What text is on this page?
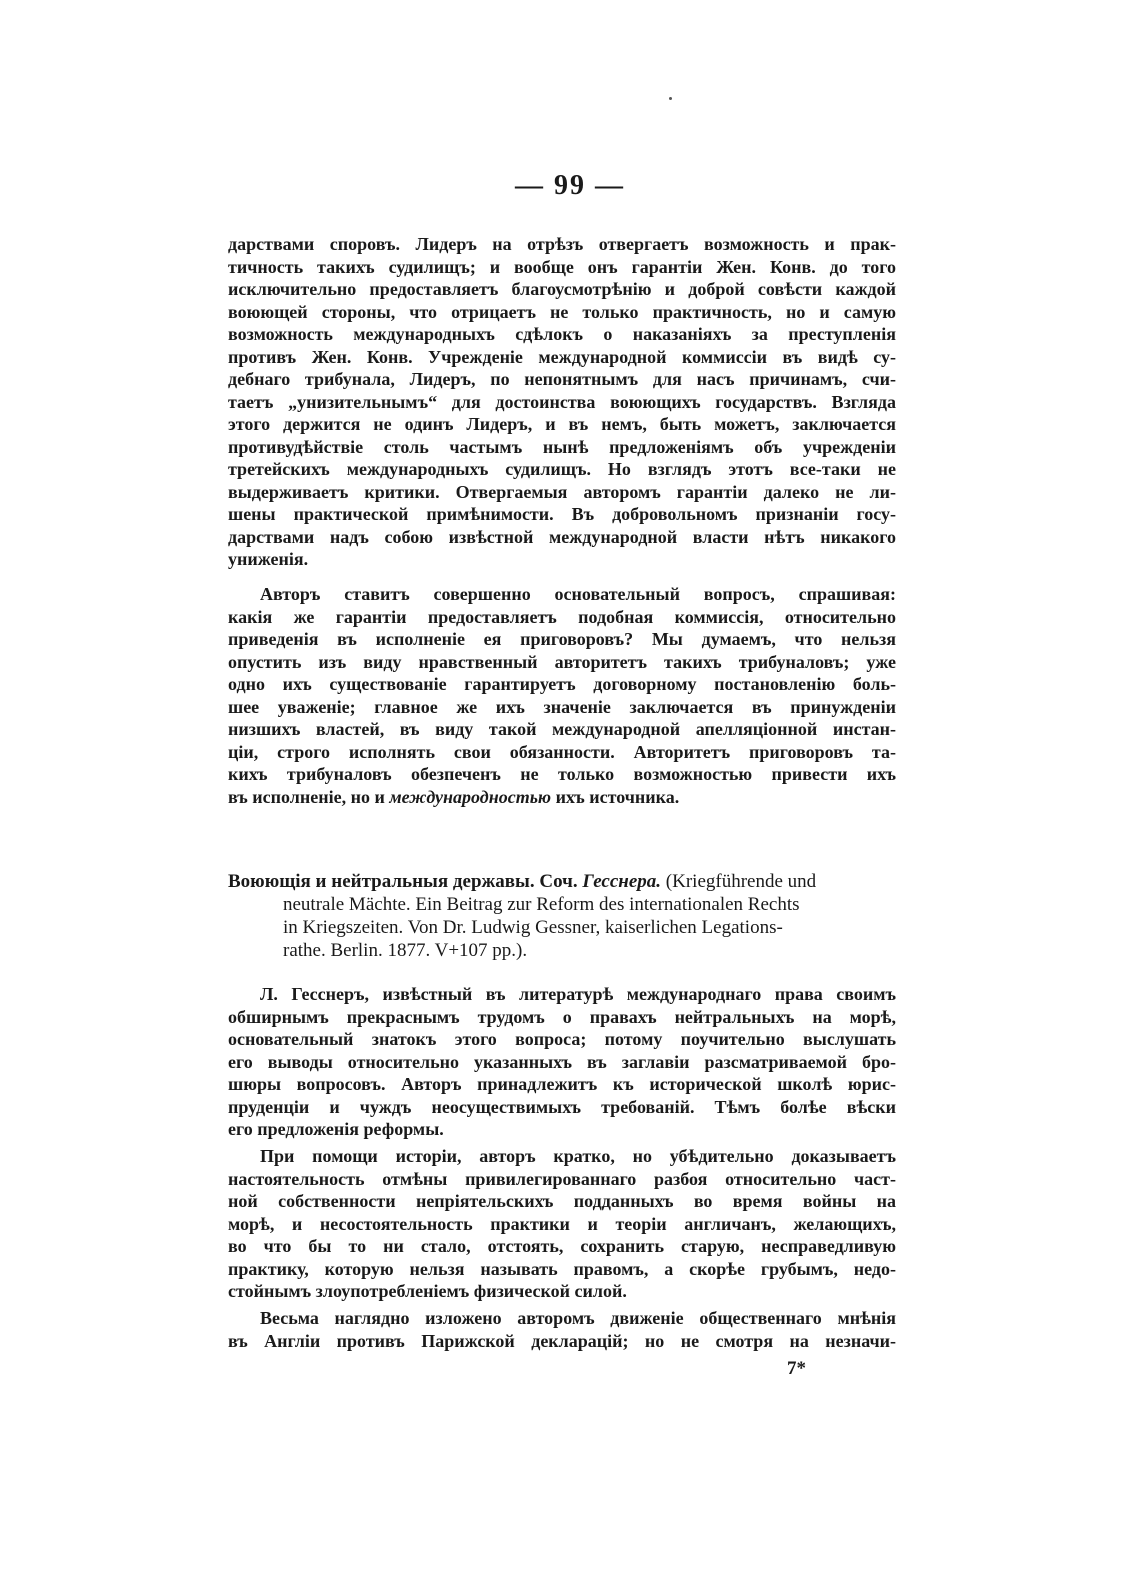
— 99 —
дарствами споровъ. Лидеръ на отрѣзъ отвергаетъ возможность и прак-
тичность такихъ судилищъ; и вообще онъ гарантіи Жен. Конв. до того
исключительно предоставляетъ благоусмотрѣнію и доброй совѣсти каждой
воюющей стороны, что отрицаетъ не только практичность, но и самую
возможность международныхъ сдѣлокъ о наказаніяхъ за преступленія
противъ Жен. Конв. Учрежденіе международной коммиссіи въ видѣ су-
дебнаго трибунала, Лидеръ, по непонятнымъ для насъ причинамъ, счи-
таетъ „унизительнымъ“ для достоинства воюющихъ государствъ. Взгляда
этого держится не одинъ Лидеръ, и въ немъ, быть можетъ, заключается
противудѣйствіе столь частымъ нынѣ предложеніямъ объ учрежденіи
третейскихъ международныхъ судилищъ. Но взглядъ этотъ все-таки не
выдерживаетъ критики. Отвергаемыя авторомъ гарантіи далеко не ли-
шены практической примѣнимости. Въ добровольномъ признаніи госу-
дарствами надъ собою извѣстной международной власти нѣтъ никакого
униженія.
Авторъ ставитъ совершенно основательный вопросъ, спрашивая:
какія же гарантіи предоставляетъ подобная коммиссія, относительно
приведенія въ исполненіе ея приговоровъ? Мы думаемъ, что нельзя
опустить изъ виду нравственный авторитетъ такихъ трибуналовъ; уже
одно ихъ существованіе гарантируетъ договорному постановленію боль-
шее уваженіе; главное же ихъ значеніе заключается въ принужденіи
низшихъ властей, въ виду такой международной апелляціонной инстан-
ціи, строго исполнять свои обязанности. Авторитетъ приговоровъ та-
кихъ трибуналовъ обезпеченъ не только возможностью привести ихъ
въ исполненіе, но и международностью ихъ источника.
Воюющія и нейтральныя державы. Соч. Гесснера. (Kriegführende und
neutrale Mächte. Ein Beitrag zur Reform des internationalen Rechts
in Kriegszeiten. Von Dr. Ludwig Gessner, kaiserlichen Legations-
rathe. Berlin. 1877. V+107 pp.).
Л. Гесснеръ, извѣстный въ литературѣ международнаго права своимъ
обширнымъ прекраснымъ трудомъ о правахъ нейтральныхъ на морѣ,
основательный знатокъ этого вопроса; потому поучительно выслушать
его выводы относительно указанныхъ въ заглавіи разсматриваемой бро-
шюры вопросовъ. Авторъ принадлежитъ къ исторической школѣ юрис-
пруденціи и чуждъ неосуществимыхъ требованій. Тѣмъ болѣе вѣски
его предложенія реформы.
При помощи исторіи, авторъ кратко, но убѣдительно доказываетъ
настоятельность отмѣны привилегированнаго разбоя относительно част-
ной собственности непріятельскихъ подданныхъ во время войны на
морѣ, и несостоятельность практики и теоріи англичанъ, желающихъ,
во что бы то ни стало, отстоять, сохранить старую, несправедливую
практику, которую нельзя называть правомъ, а скорѣе грубымъ, недо-
стойнымъ злоупотребленіемъ физической силой.
Весьма наглядно изложено авторомъ движеніе общественнаго мнѣнія
въ Англіи противъ Парижской декларацій; но не смотря на незначи-
7*
